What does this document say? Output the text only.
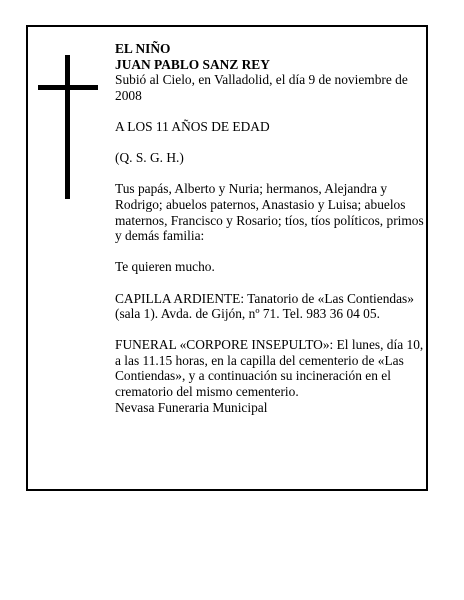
EL NIÑO

JUAN PABLO SANZ REY

Subió al Cielo, en Valladolid, el día 9 de noviembre de 2008

A LOS 11 AÑOS DE EDAD

(Q. S. G. H.)

Tus papás, Alberto y Nuria; hermanos, Alejandra y Rodrigo; abuelos paternos, Anastasio y Luisa; abuelos maternos, Francisco y Rosario; tíos, tíos políticos, primos y demás familia:

Te quieren mucho.

CAPILLA ARDIENTE: Tanatorio de «Las Contiendas» (sala 1). Avda. de Gijón, nº 71. Tel. 983 36 04 05.

FUNERAL «CORPORE INSEPULTO»: El lunes, día 10, a las 11.15 horas, en la capilla del cementerio de «Las Contiendas», y a continuación su incineración en el crematorio del mismo cementerio.

Nevasa Funeraria Municipal
